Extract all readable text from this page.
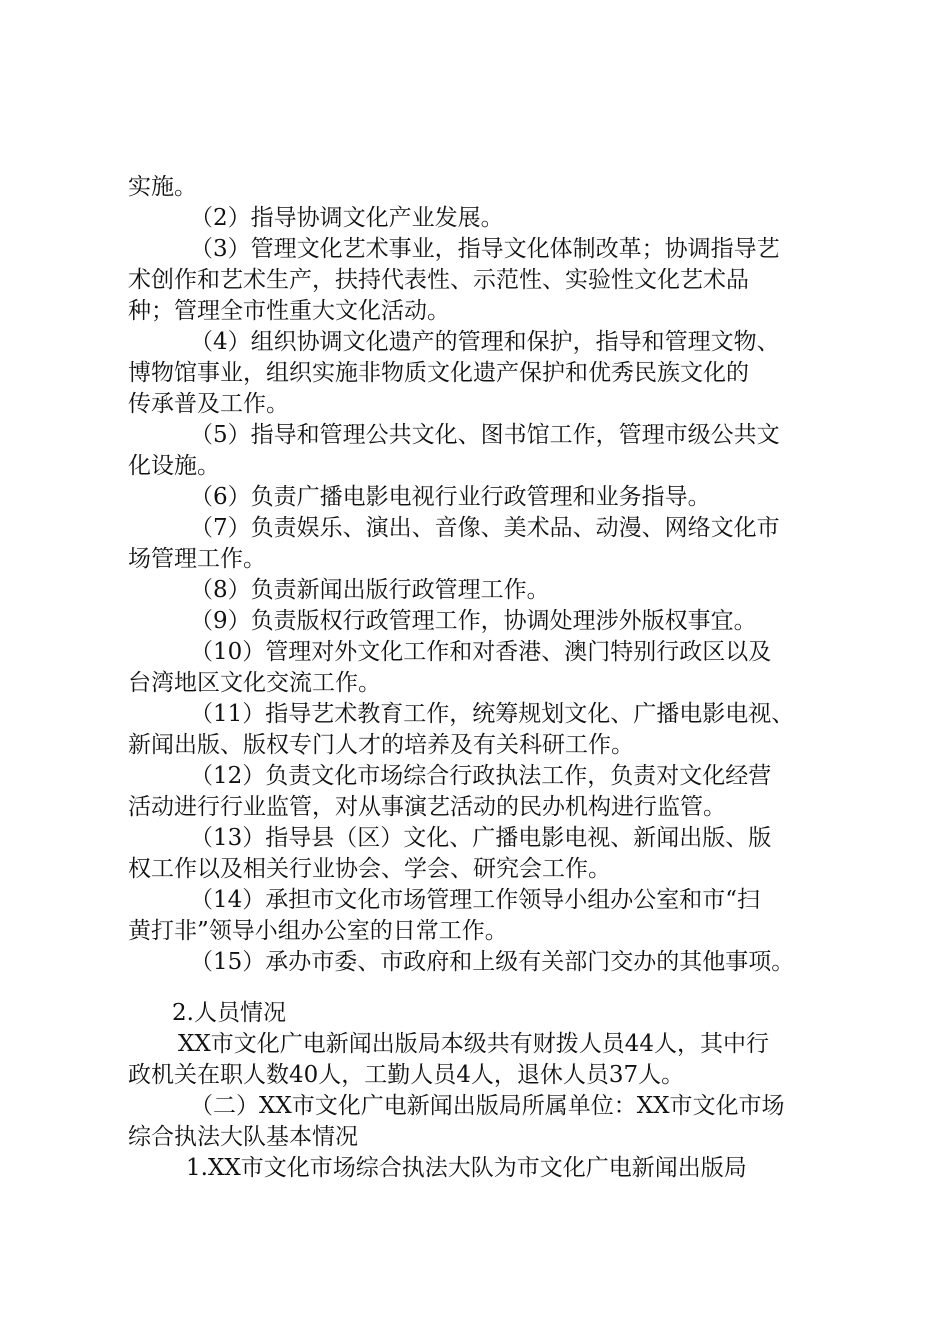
实施。

（2）指导协调文化产业发展。

（3）管理文化艺术事业，指导文化体制改革；协调指导艺

术创作和艺术生产，扶持代表性、示范性、实验性文化艺术品

种；管理全市性重大文化活动。

（4）组织协调文化遗产的管理和保护，指导和管理文物、

博物馆事业，组织实施非物质文化遗产保护和优秀民族文化的

传承普及工作。

（5）指导和管理公共文化、图书馆工作，管理市级公共文

化设施。

（6）负责广播电影电视行业行政管理和业务指导。

（7）负责娱乐、演出、音像、美术品、动漫、网络文化市

场管理工作。

（8）负责新闻出版行政管理工作。

（9）负责版权行政管理工作，协调处理涉外版权事宜。

（10）管理对外文化工作和对香港、澳门特别行政区以及

台湾地区文化交流工作。

（11）指导艺术教育工作，统筹规划文化、广播电影电视、

新闻出版、版权专门人才的培养及有关科研工作。

（12）负责文化市场综合行政执法工作，负责对文化经营

活动进行行业监管，对从事演艺活动的民办机构进行监管。

（13）指导县（区）文化、广播电影电视、新闻出版、版

权工作以及相关行业协会、学会、研究会工作。

（14）承担市文化市场管理工作领导小组办公室和市“扫

黄打非”领导小组办公室的日常工作。

（15）承办市委、市政府和上级有关部门交办的其他事项。

2.人员情况

XX市文化广电新闻出版局本级共有财拨人员44人，其中行

政机关在职人数40人，工勤人员4人，退休人员37人。

（二）XX市文化广电新闻出版局所属单位：XX市文化市场

综合执法大队基本情况

1.XX市文化市场综合执法大队为市文化广电新闻出版局
